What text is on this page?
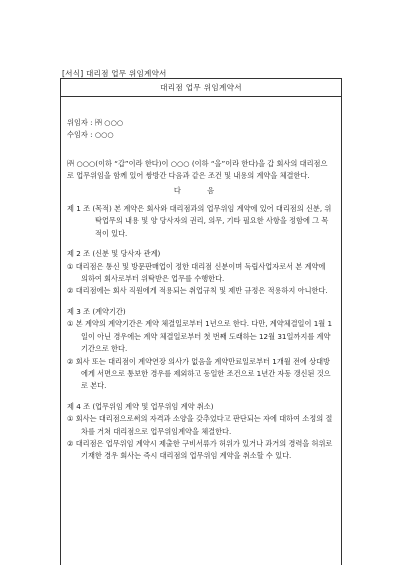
[서식] 대리점 업무 위임계약서
대리점 업무 위임계약서

위임자 : ㈜ ○○○

수임자 : ○○○

㈜ ○○○(이하 “갑”이라 한다)이 ○○○ (이하 “을”이라 한다)을 갑 회사의 대리점으로 업무위임을 함께 있어 쌍방간 다음과 같은 조건 및 내용의 계약을 체결한다.

다 음

제 1 조 (목적) 본 계약은 회사와 대리점과의 업무위임 계약에 있어 대리점의 신분, 위탁업무의 내용 및 양 당사자의 권리, 의무, 기타 필요한 사항을 정함에 그 목적이 있다.

제 2 조 (신분 및 당사자 관계)

① 대리점은 통신 및 방문판매업이 정한 대리점 신분이며 독립사업자로서 본 계약에 의하여 회사로부터 위탁받은 업무를 수행한다.

② 대리점에는 회사 직원에게 적용되는 취업규칙 및 제반 규정은 적용하지 아니한다.

제 3 조 (계약기간)

① 본 계약의 계약기간은 계약 체결일로부터 1년으로 한다. 다만, 계약체결일이 1월 1일이 아닌 경우에는 계약 체결일로부터 첫 번째 도래하는 12월 31일까지를 계약기간으로 한다.

② 회사 또는 대리점이 계약연장 의사가 없음을 계약만료일로부터 1개월 전에 상대방에게 서면으로 통보한 경우를 제외하고 동일한 조건으로 1년간 자동 갱신된 것으로 본다.

제 4 조 (업무위임 계약 및 업무위임 계약 취소)

① 회사는 대리점으로써의 자격과 소양을 갖추었다고 판단되는 자에 대하여 소정의 절차를 거쳐 대리점으로 업무위임계약을 체결한다.

② 대리점은 업무위임 계약시 제출한 구비서류가 허위가 있거나 과거의 경력을 허위로 기재한 경우 회사는 즉시 대리점의 업무위임 계약을 취소할 수 있다.
